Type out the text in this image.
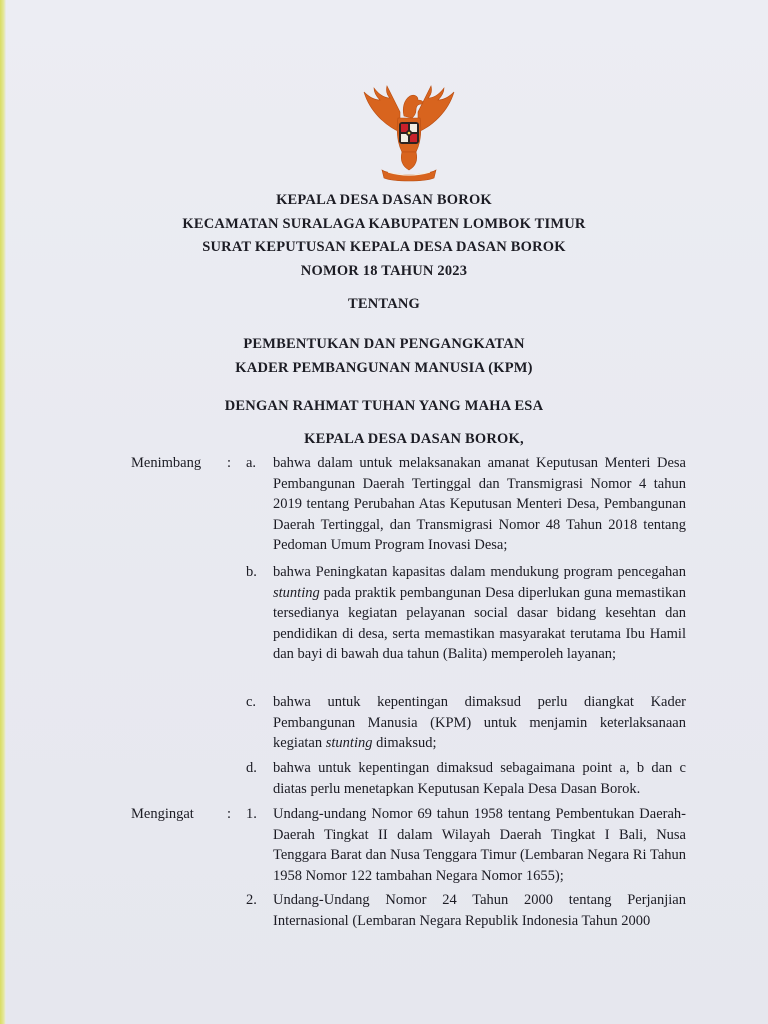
KEPALA DESA DASAN BOROK
KECAMATAN SURALAGA KABUPATEN LOMBOK TIMUR
SURAT KEPUTUSAN KEPALA DESA DASAN BOROK
NOMOR 18 TAHUN 2023
TENTANG
PEMBENTUKAN DAN PENGANGKATAN
KADER PEMBANGUNAN MANUSIA (KPM)
DENGAN RAHMAT TUHAN YANG MAHA ESA
KEPALA DESA DASAN BOROK,
Menimbang : a. bahwa dalam untuk melaksanakan amanat Keputusan Menteri Desa Pembangunan Daerah Tertinggal dan Transmigrasi Nomor 4 tahun 2019 tentang Perubahan Atas Keputusan Menteri Desa, Pembangunan Daerah Tertinggal, dan Transmigrasi Nomor 48 Tahun 2018 tentang Pedoman Umum Program Inovasi Desa;
b. bahwa Peningkatan kapasitas dalam mendukung program pencegahan stunting pada praktik pembangunan Desa diperlukan guna memastikan tersedianya kegiatan pelayanan social dasar bidang kesehtan dan pendidikan di desa, serta memastikan masyarakat terutama Ibu Hamil dan bayi di bawah dua tahun (Balita) memperoleh layanan;
c. bahwa untuk kepentingan dimaksud perlu diangkat Kader Pembangunan Manusia (KPM) untuk menjamin keterlaksanaan kegiatan stunting dimaksud;
d. bahwa untuk kepentingan dimaksud sebagaimana point a, b dan c diatas perlu menetapkan Keputusan Kepala Desa Dasan Borok.
Mengingat : 1. Undang-undang Nomor 69 tahun 1958 tentang Pembentukan Daerah-Daerah Tingkat II dalam Wilayah Daerah Tingkat I Bali, Nusa Tenggara Barat dan Nusa Tenggara Timur (Lembaran Negara Ri Tahun 1958 Nomor 122 tambahan Negara Nomor 1655);
2. Undang-Undang Nomor 24 Tahun 2000 tentang Perjanjian Internasional (Lembaran Negara Republik Indonesia Tahun 2000
